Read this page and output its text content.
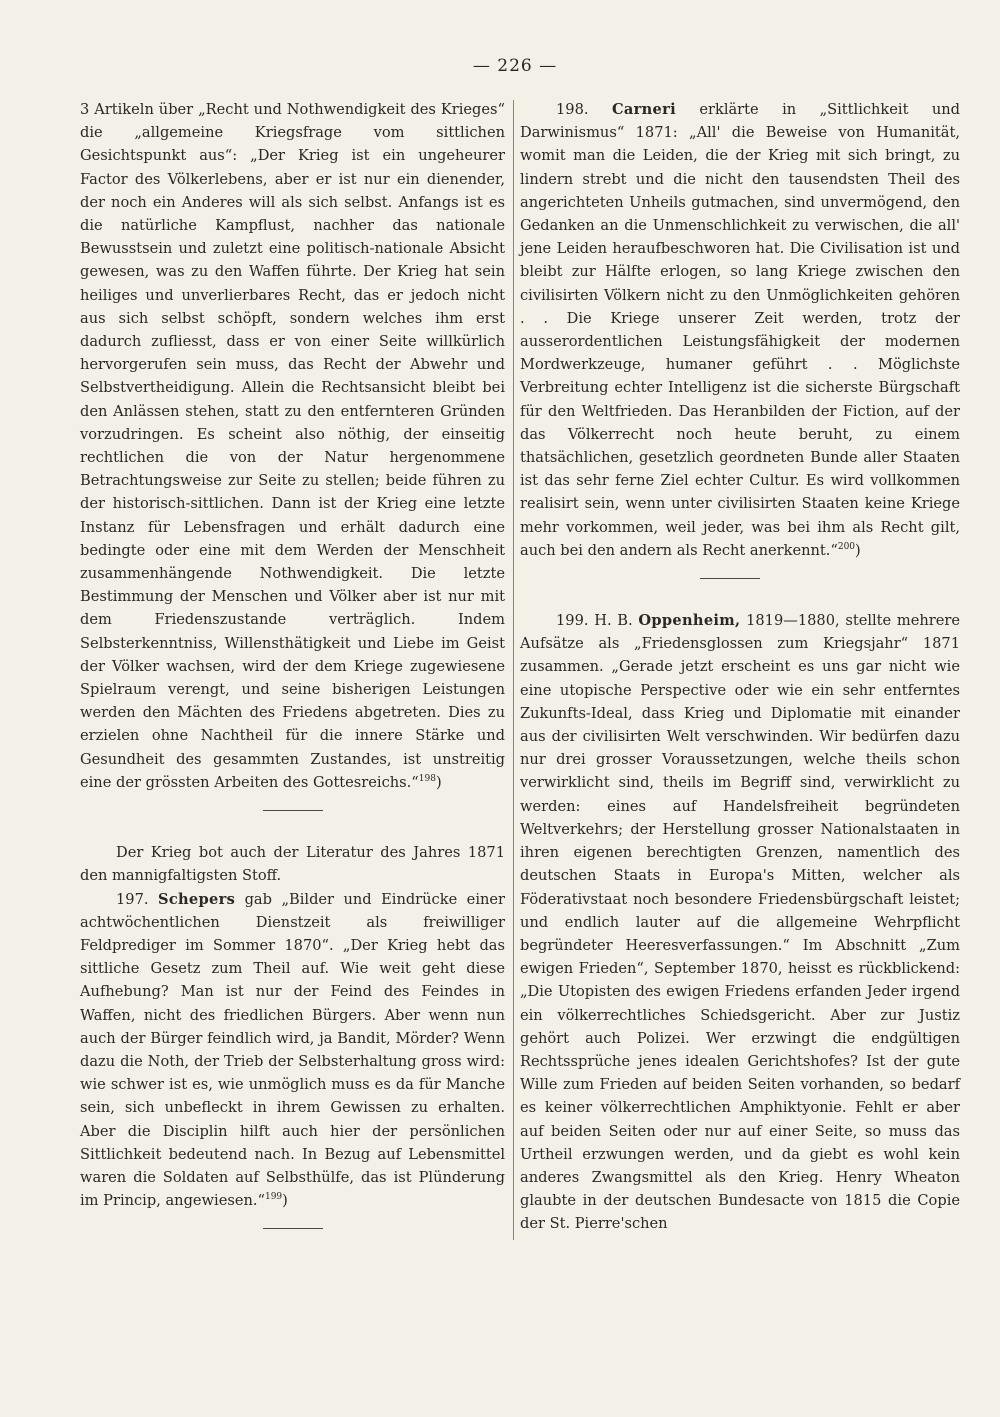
— 226 —

3 Artikeln über „Recht und Nothwendigkeit des Krieges“ die „allgemeine Kriegsfrage vom sittlichen Gesichtspunkt aus“: „Der Krieg ist ein ungeheurer Factor des Völkerlebens, aber er ist nur ein dienender, der noch ein Anderes will als sich selbst. Anfangs ist es die natürliche Kampflust, nachher das nationale Bewusstsein und zuletzt eine politisch-nationale Absicht gewesen, was zu den Waffen führte. Der Krieg hat sein heiliges und unverlierbares Recht, das er jedoch nicht aus sich selbst schöpft, sondern welches ihm erst dadurch zufliesst, dass er von einer Seite willkürlich hervorgerufen sein muss, das Recht der Abwehr und Selbstvertheidigung. Allein die Rechtsansicht bleibt bei den Anlässen stehen, statt zu den entfernteren Gründen vorzudringen. Es scheint also nöthig, der einseitig rechtlichen die von der Natur hergenommene Betrachtungsweise zur Seite zu stellen; beide führen zu der historisch-sittlichen. Dann ist der Krieg eine letzte Instanz für Lebensfragen und erhält dadurch eine bedingte oder eine mit dem Werden der Menschheit zusammenhängende Nothwendigkeit. Die letzte Bestimmung der Menschen und Völker aber ist nur mit dem Friedenszustande verträglich. Indem Selbsterkenntniss, Willensthätigkeit und Liebe im Geist der Völker wachsen, wird der dem Kriege zugewiesene Spielraum verengt, und seine bisherigen Leistungen werden den Mächten des Friedens abgetreten. Dies zu erzielen ohne Nachtheil für die innere Stärke und Gesundheit des gesammten Zustandes, ist unstreitig eine der grössten Arbeiten des Gottesreichs.“$^{198}$)

Der Krieg bot auch der Literatur des Jahres 1871 den mannigfaltigsten Stoff.

197. Schepers gab „Bilder und Eindrücke einer achtwöchentlichen Dienstzeit als freiwilliger Feldprediger im Sommer 1870“. „Der Krieg hebt das sittliche Gesetz zum Theil auf. Wie weit geht diese Aufhebung? Man ist nur der Feind des Feindes in Waffen, nicht des friedlichen Bürgers. Aber wenn nun auch der Bürger feindlich wird, ja Bandit, Mörder? Wenn dazu die Noth, der Trieb der Selbsterhaltung gross wird: wie schwer ist es, wie unmöglich muss es da für Manche sein, sich unbefleckt in ihrem Gewissen zu erhalten. Aber die Disciplin hilft auch hier der persönlichen Sittlichkeit bedeutend nach. In Bezug auf Lebensmittel waren die Soldaten auf Selbsthülfe, das ist Plünderung im Princip, angewiesen.“$^{199}$)

198. Carneri erklärte in „Sittlichkeit und Darwinismus“ 1871: „All' die Beweise von Humanität, womit man die Leiden, die der Krieg mit sich bringt, zu lindern strebt und die nicht den tausendsten Theil des angerichteten Unheils gutmachen, sind unvermögend, den Gedanken an die Unmenschlichkeit zu verwischen, die all' jene Leiden heraufbeschworen hat. Die Civilisation ist und bleibt zur Hälfte erlogen, so lang Kriege zwischen den civilisirten Völkern nicht zu den Unmöglichkeiten gehören . . Die Kriege unserer Zeit werden, trotz der ausserordentlichen Leistungsfähigkeit der modernen Mordwerkzeuge, humaner geführt . . Möglichste Verbreitung echter Intelligenz ist die sicherste Bürgschaft für den Weltfrieden. Das Heranbilden der Fiction, auf der das Völkerrecht noch heute beruht, zu einem thatsächlichen, gesetzlich geordneten Bunde aller Staaten ist das sehr ferne Ziel echter Cultur. Es wird vollkommen realisirt sein, wenn unter civilisirten Staaten keine Kriege mehr vorkommen, weil jeder, was bei ihm als Recht gilt, auch bei den andern als Recht anerkennt.“$^{200}$)

199. H. B. Oppenheim, 1819—1880, stellte mehrere Aufsätze als „Friedensglossen zum Kriegsjahr“ 1871 zusammen. „Gerade jetzt erscheint es uns gar nicht wie eine utopische Perspective oder wie ein sehr entferntes Zukunfts-Ideal, dass Krieg und Diplomatie mit einander aus der civilisirten Welt verschwinden. Wir bedürfen dazu nur drei grosser Voraussetzungen, welche theils schon verwirklicht sind, theils im Begriff sind, verwirklicht zu werden: eines auf Handelsfreiheit begründeten Weltverkehrs; der Herstellung grosser Nationalstaaten in ihren eigenen berechtigten Grenzen, namentlich des deutschen Staats in Europa's Mitten, welcher als Föderativstaat noch besondere Friedensbürgschaft leistet; und endlich lauter auf die allgemeine Wehrpflicht begründeter Heeresverfassungen.“ Im Abschnitt „Zum ewigen Frieden“, September 1870, heisst es rückblickend: „Die Utopisten des ewigen Friedens erfanden Jeder irgend ein völkerrechtliches Schiedsgericht. Aber zur Justiz gehört auch Polizei. Wer erzwingt die endgültigen Rechtssprüche jenes idealen Gerichtshofes? Ist der gute Wille zum Frieden auf beiden Seiten vorhanden, so bedarf es keiner völkerrechtlichen Amphiktyonie. Fehlt er aber auf beiden Seiten oder nur auf einer Seite, so muss das Urtheil erzwungen werden, und da giebt es wohl kein anderes Zwangsmittel als den Krieg. Henry Wheaton glaubte in der deutschen Bundesacte von 1815 die Copie der St. Pierre'schen
